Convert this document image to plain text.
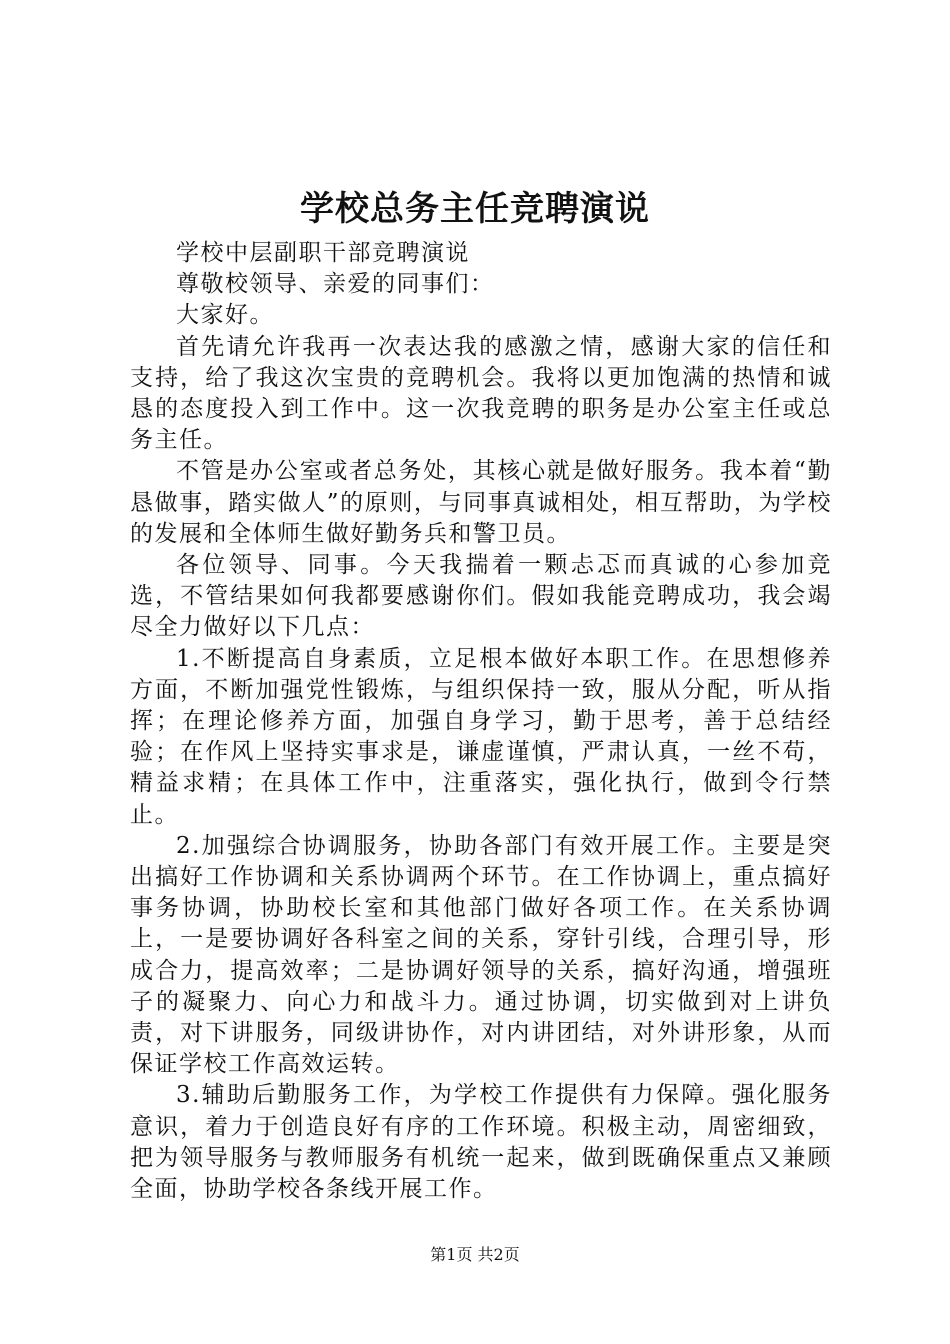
学校总务主任竞聘演说

学校中层副职干部竞聘演说

尊敬校领导、亲爱的同事们：

大家好。

首先请允许我再一次表达我的感激之情，感谢大家的信任和支持，给了我这次宝贵的竞聘机会。我将以更加饱满的热情和诚恳的态度投入到工作中。这一次我竞聘的职务是办公室主任或总务主任。

不管是办公室或者总务处，其核心就是做好服务。我本着“勤恳做事，踏实做人”的原则，与同事真诚相处，相互帮助，为学校的发展和全体师生做好勤务兵和警卫员。

各位领导、同事。今天我揣着一颗忐忑而真诚的心参加竞选，不管结果如何我都要感谢你们。假如我能竞聘成功，我会竭尽全力做好以下几点：

1.不断提高自身素质，立足根本做好本职工作。在思想修养方面，不断加强党性锻炼，与组织保持一致，服从分配，听从指挥；在理论修养方面，加强自身学习，勤于思考，善于总结经验；在作风上坚持实事求是，谦虚谨慎，严肃认真，一丝不苟，精益求精；在具体工作中，注重落实，强化执行，做到令行禁止。

2.加强综合协调服务，协助各部门有效开展工作。主要是突出搞好工作协调和关系协调两个环节。在工作协调上，重点搞好事务协调，协助校长室和其他部门做好各项工作。在关系协调上，一是要协调好各科室之间的关系，穿针引线，合理引导，形成合力，提高效率；二是协调好领导的关系，搞好沟通，增强班子的凝聚力、向心力和战斗力。通过协调，切实做到对上讲负责，对下讲服务，同级讲协作，对内讲团结，对外讲形象，从而保证学校工作高效运转。

3.辅助后勤服务工作，为学校工作提供有力保障。强化服务意识，着力于创造良好有序的工作环境。积极主动，周密细致，把为领导服务与教师服务有机统一起来，做到既确保重点又兼顾全面，协助学校各条线开展工作。

第1页 共2页
